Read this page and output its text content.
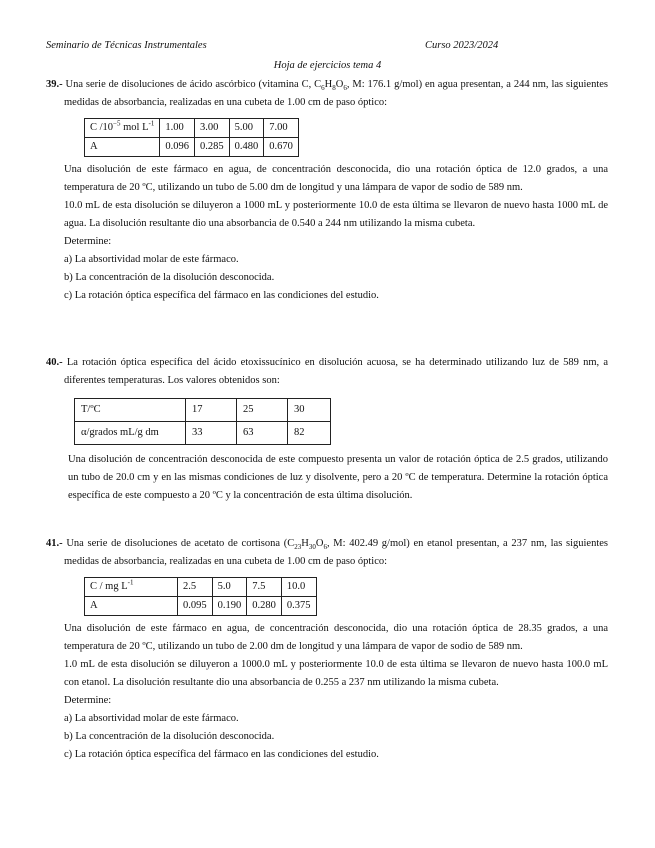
Seminario de Técnicas Instrumentales	Curso 2023/2024
Hoja de ejercicios tema 4

39.- Una serie de disoluciones de ácido ascórbico (vitamina C, $C_6H_8O_6$, M: 176.1 g/mol) en agua presentan, a 244 nm, las siguientes medidas de absorbancia, realizadas en una cubeta de 1.00 cm de paso óptico:

C $/10^{-5}$ mol $L^{-1}$	1.00	3.00	5.00	7.00
A	0.096	0.285	0.480	0.670

Una disolución de este fármaco en agua, de concentración desconocida, dio una rotación óptica de 12.0 grados, a una temperatura de 20 ºC, utilizando un tubo de 5.00 dm de longitud y una lámpara de vapor de sodio de 589 nm.

10.0 mL de esta disolución se diluyeron a 1000 mL y posteriormente 10.0 de esta última se llevaron de nuevo hasta 1000 mL de agua. La disolución resultante dio una absorbancia de 0.540 a 244 nm utilizando la misma cubeta.

Determine:

a) La absortividad molar de este fármaco.

b) La concentración de la disolución desconocida.

c) La rotación óptica específica del fármaco en las condiciones del estudio.

40.- La rotación óptica específica del ácido etoxissucínico en disolución acuosa, se ha determinado utilizando luz de 589 nm, a diferentes temperaturas. Los valores obtenidos son:

T/ºC	17	25	30
α/grados mL/g dm	33	63	82

Una disolución de concentración desconocida de este compuesto presenta un valor de rotación óptica de 2.5 grados, utilizando un tubo de 20.0 cm y en las mismas condiciones de luz y disolvente, pero a 20 ºC de temperatura. Determine la rotación óptica específica de este compuesto a 20 ºC y la concentración de esta última disolución.

41.- Una serie de disoluciones de acetato de cortisona ($C_{23}H_{30}O_6$, M: 402.49 g/mol) en etanol presentan, a 237 nm, las siguientes medidas de absorbancia, realizadas en una cubeta de 1.00 cm de paso óptico:

C / mg $L^{-1}$	2.5	5.0	7.5	10.0
A	0.095	0.190	0.280	0.375

Una disolución de este fármaco en agua, de concentración desconocida, dio una rotación óptica de 28.35 grados, a una temperatura de 20 ºC, utilizando un tubo de 2.00 dm de longitud y una lámpara de vapor de sodio de 589 nm.

1.0 mL de esta disolución se diluyeron a 1000.0 mL y posteriormente 10.0 de esta última se llevaron de nuevo hasta 100.0 mL con etanol. La disolución resultante dio una absorbancia de 0.255 a 237 nm utilizando la misma cubeta.

Determine:

a) La absortividad molar de este fármaco.

b) La concentración de la disolución desconocida.

c) La rotación óptica específica del fármaco en las condiciones del estudio.
